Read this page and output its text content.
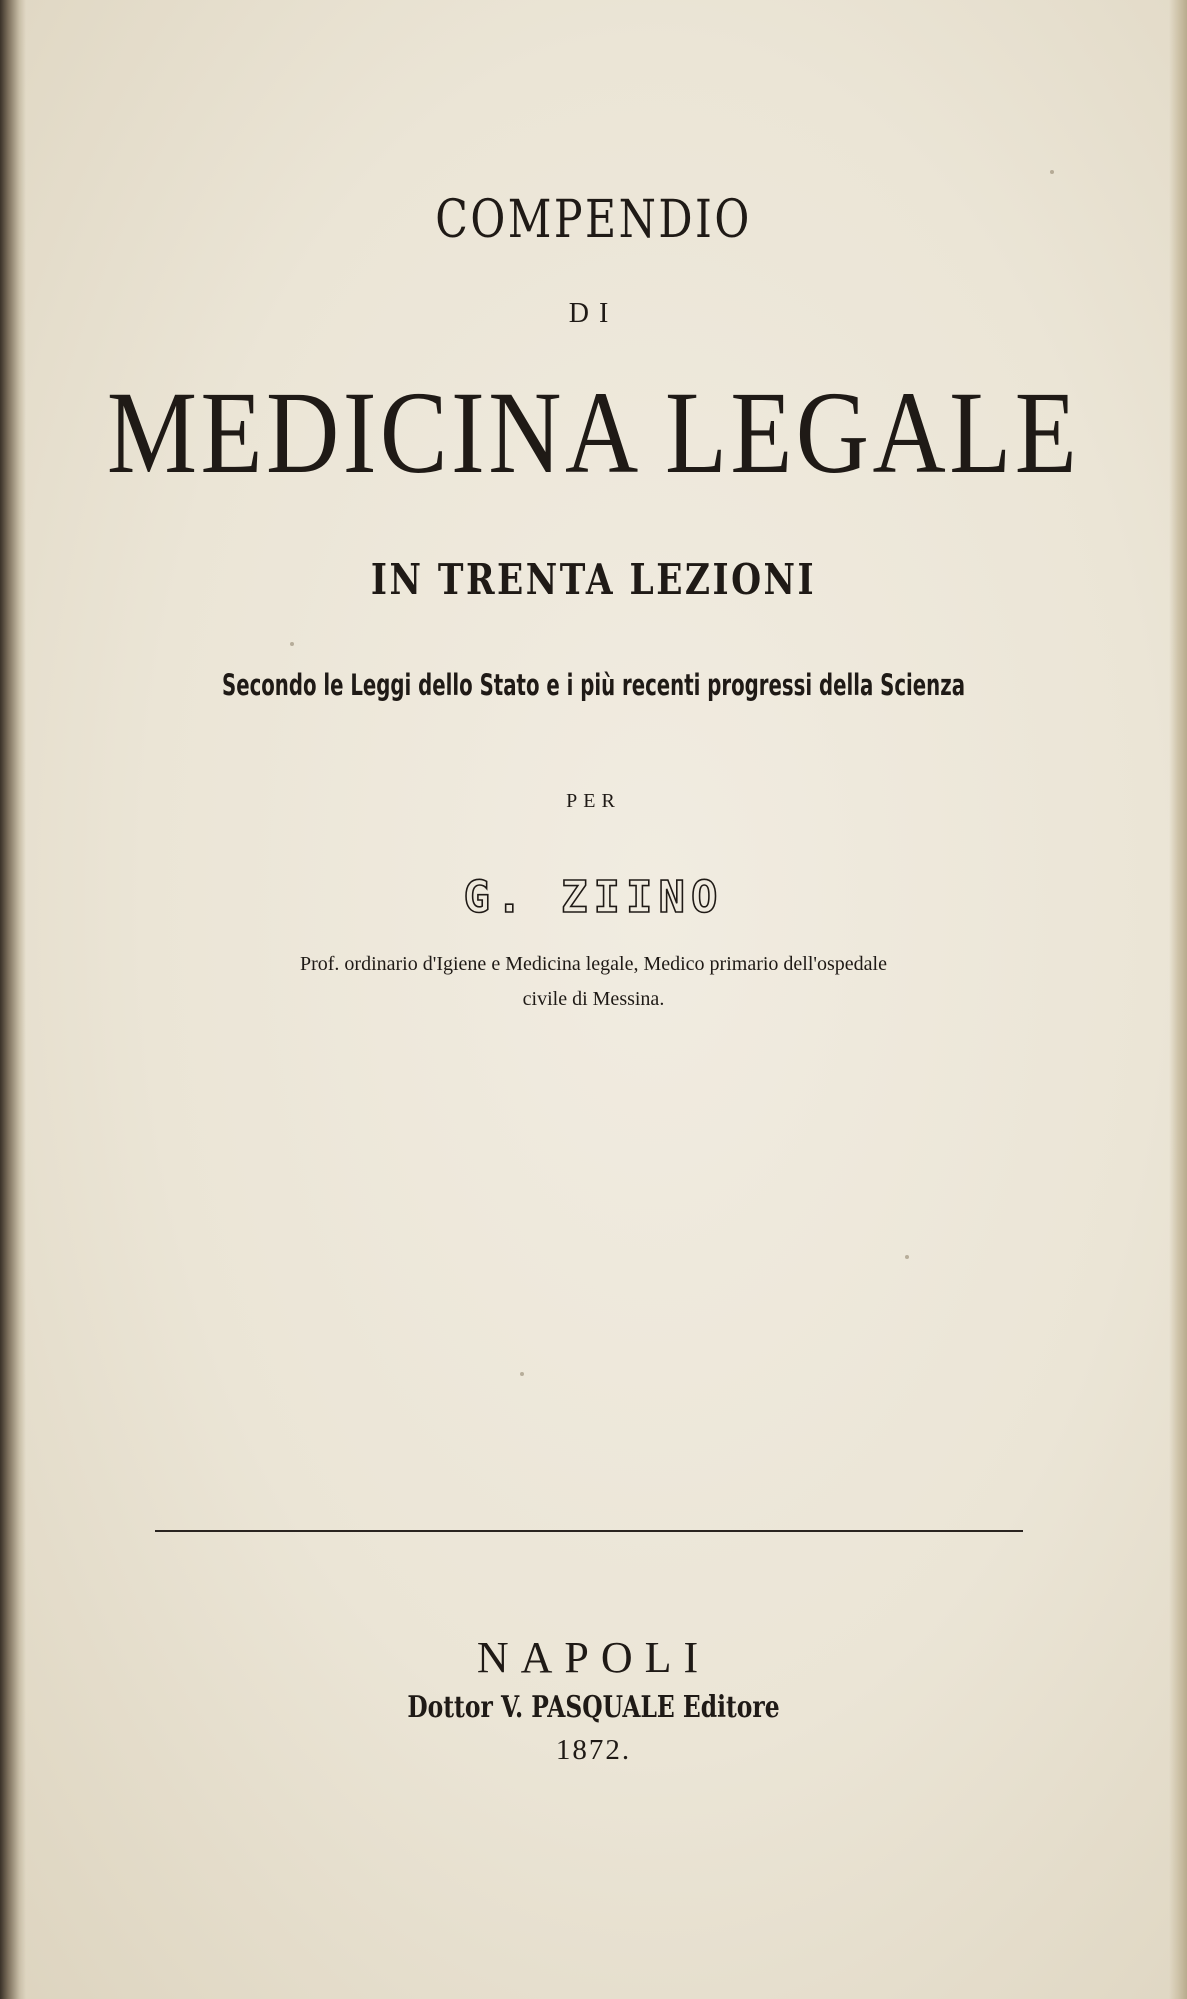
COMPENDIO
DI
MEDICINA LEGALE
IN TRENTA LEZIONI
Secondo le Leggi dello Stato e i più recenti progressi della Scienza
PER
G. ZIINO
Prof. ordinario d'Igiene e Medicina legale, Medico primario dell'ospedale
civile di Messina.
NAPOLI
Dottor V. PASQUALE Editore
1872.
